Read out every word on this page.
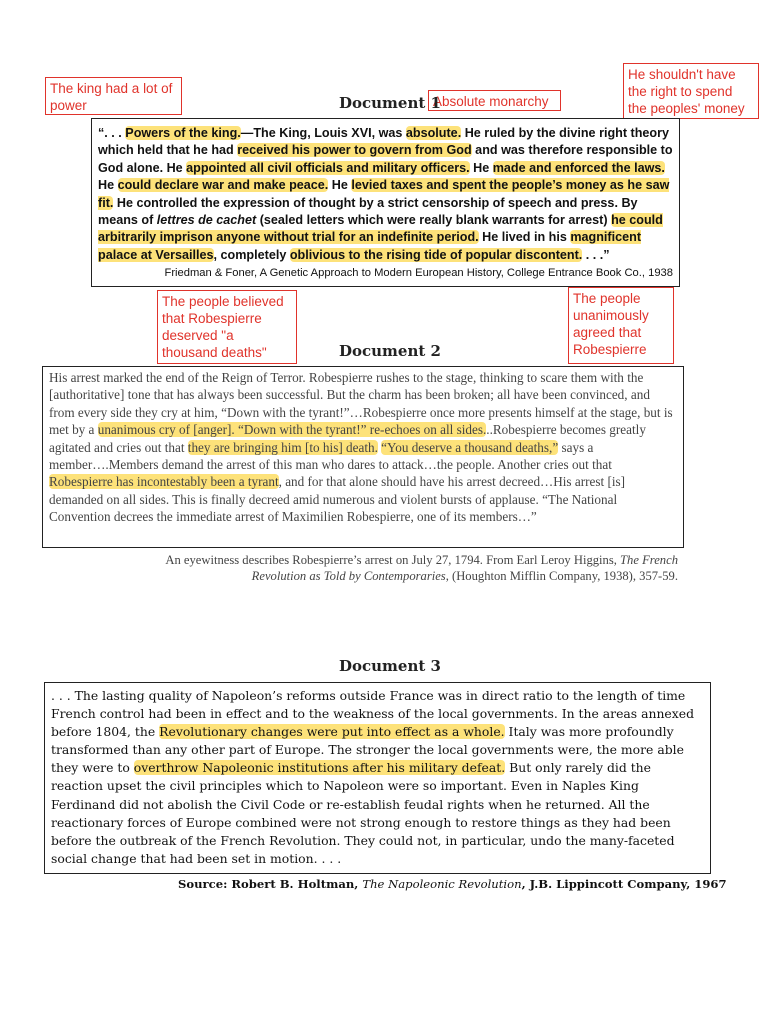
The king had a lot of power	Absolute monarchy
He shouldn't have the right to spend the peoples' money
The people believed that Robespierre deserved "a thousand deaths"
The people unanimously agreed that Robespierre
Document 1
“. . . Powers of the king.—The King, Louis XVI, was absolute. He ruled by the divine right theory which held that he had received his power to govern from God and was therefore responsible to God alone. He appointed all civil officials and military officers. He made and enforced the laws. He could declare war and make peace. He levied taxes and spent the people’s money as he saw fit. He controlled the expression of thought by a strict censorship of speech and press. By means of lettres de cachet (sealed letters which were really blank warrants for arrest) he could arbitrarily imprison anyone without trial for an indefinite period. He lived in his magnificent palace at Versailles, completely oblivious to the rising tide of popular discontent. . . .”
Friedman & Foner, A Genetic Approach to Modern European History, College Entrance Book Co., 1938
Document 2
His arrest marked the end of the Reign of Terror. Robespierre rushes to the stage, thinking to scare them with the [authoritative] tone that has always been successful. But the charm has been broken; all have been convinced, and from every side they cry at him, “Down with the tyrant!”…Robespierre once more presents himself at the stage, but is met by a unanimous cry of [anger]. “Down with the tyrant!” re-echoes on all sides...Robespierre becomes greatly agitated and cries out that they are bringing him [to his] death. “You deserve a thousand deaths,” says a member….Members demand the arrest of this man who dares to attack…the people. Another cries out that Robespierre has incontestably been a tyrant, and for that alone should have his arrest decreed…His arrest [is] demanded on all sides. This is finally decreed amid numerous and violent bursts of applause. “The National Convention decrees the immediate arrest of Maximilien Robespierre, one of its members…”
An eyewitness describes Robespierre’s arrest on July 27, 1794. From Earl Leroy Higgins, The French
Revolution as Told by Contemporaries, (Houghton Mifflin Company, 1938), 357-59.
Document 3
. . . The lasting quality of Napoleon’s reforms outside France was in direct ratio to the length of time French control had been in effect and to the weakness of the local governments. In the areas annexed before 1804, the Revolutionary changes were put into effect as a whole. Italy was more profoundly transformed than any other part of Europe. The stronger the local governments were, the more able they were to overthrow Napoleonic institutions after his military defeat. But only rarely did the reaction upset the civil principles which to Napoleon were so important. Even in Naples King Ferdinand did not abolish the Civil Code or re-establish feudal rights when he returned. All the reactionary forces of Europe combined were not strong enough to restore things as they had been before the outbreak of the French Revolution. They could not, in particular, undo the many-faceted social change that had been set in motion. . . .
Source: Robert B. Holtman, The Napoleonic Revolution, J.B. Lippincott Company, 1967
